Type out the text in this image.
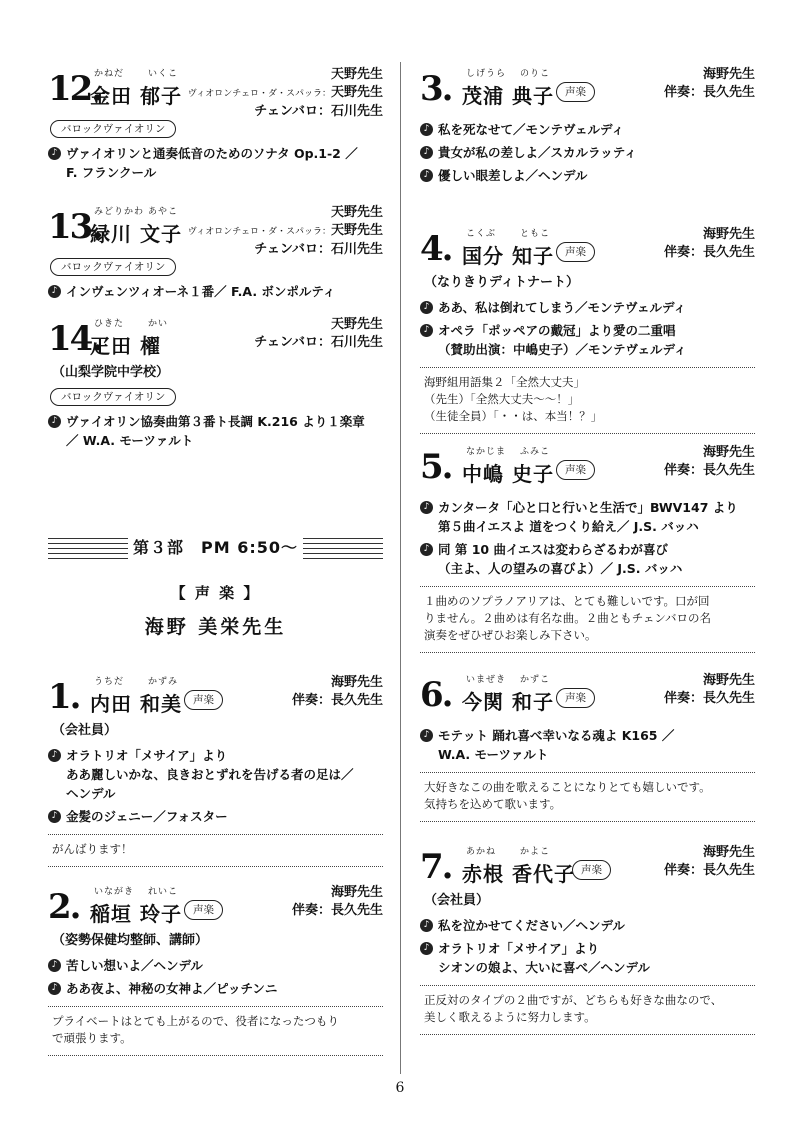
12.
かねだ	いくこ
金田 郁子
天野先生
ヴィオロンチェロ・ダ・スパッラ：天野先生
チェンバロ：石川先生
バロックヴァイオリン
♪ ヴァイオリンと通奏低音のためのソナタ Op.1-2 ／
F. フランクール
13.
みどりかわ あやこ
緑川 文子
天野先生
ヴィオロンチェロ・ダ・スパッラ：天野先生
チェンバロ：石川先生
バロックヴァイオリン
♪ インヴェンツィオーネ１番／ F.A. ボンポルティ
14.
ひきた	かい
疋田 櫂
天野先生
チェンバロ：石川先生
（山梨学院中学校）
バロックヴァイオリン
♪ ヴァイオリン協奏曲第３番ト長調 K.216 より１楽章
／ W.A. モーツァルト
第３部　PM 6:50〜
【 声 楽 】
海野 美栄先生
1. うちだ	かずみ
内田 和美	声楽
海野先生
伴奏：長久先生
（会社員）
♪ オラトリオ「メサイア」より
ああ麗しいかな、良きおとずれを告げる者の足は／
ヘンデル
♪ 金髪のジェニー／フォスター
がんばります！
2. いながき れいこ
稲垣 玲子	声楽
海野先生
伴奏：長久先生
（姿勢保健均整師、講師）
♪ 苦しい想いよ／ヘンデル
♪ ああ夜よ、神秘の女神よ／ピッチンニ
プライベートはとても上がるので、役者になったつもり
で頑張ります。
3. しげうら のりこ
茂浦 典子	声楽
海野先生
伴奏：長久先生
♪ 私を死なせて／モンテヴェルディ
♪ 貴女が私の差しよ／スカルラッティ
♪ 優しい眼差しよ／ヘンデル
4. こくぶ	ともこ
国分 知子	声楽
海野先生
伴奏：長久先生
（なりきりディトナート）
♪ ああ、私は倒れてしまう／モンテヴェルディ
♪ オペラ「ポッペアの戴冠」より愛の二重唱
（賛助出演：中嶋史子）／モンテヴェルディ
海野組用語集２「全然大丈夫」
（先生）「全然大丈夫〜〜！」
（生徒全員）「・・は、本当！？」
5. なかじま ふみこ
中嶋 史子	声楽
海野先生
伴奏：長久先生
♪ カンタータ「心と口と行いと生活で」BWV147 より
第５曲イエスよ 道をつくり給え／ J.S. バッハ
♪ 同 第 10 曲イエスは変わらざるわが喜び
（主よ、人の望みの喜びよ）／ J.S. バッハ
１曲めのソプラノアリアは、とても難しいです。口が回
りません。２曲めは有名な曲。２曲ともチェンバロの名
演奏をぜひぜひお楽しみ下さい。
6. いまぜき かずこ
今関 和子	声楽
海野先生
伴奏：長久先生
♪ モテット 踊れ喜べ幸いなる魂よ K165 ／
W.A. モーツァルト
大好きなこの曲を歌えることになりとても嬉しいです。
気持ちを込めて歌います。
7. あかね	かよこ
赤根 香代子 声楽
海野先生
伴奏：長久先生
（会社員）
♪ 私を泣かせてください／ヘンデル
♪ オラトリオ「メサイア」より
シオンの娘よ、大いに喜べ／ヘンデル
正反対のタイプの２曲ですが、どちらも好きな曲なので、
美しく歌えるように努力します。
6
